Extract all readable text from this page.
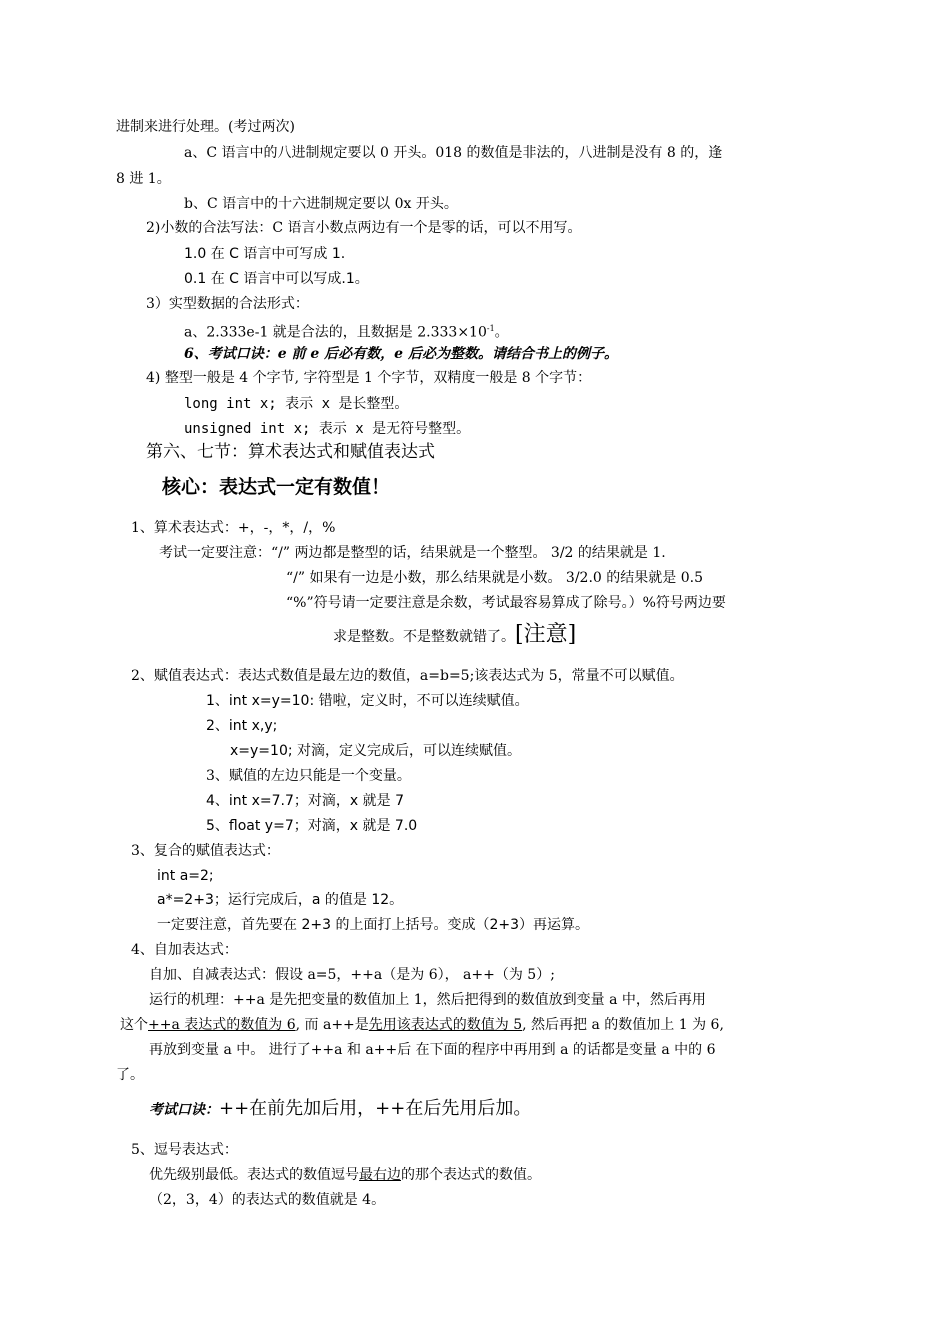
进制来进行处理。(考过两次)
a、C 语言中的八进制规定要以 0 开头。018 的数值是非法的，八进制是没有 8 的，逢
8 进 1。
b、C 语言中的十六进制规定要以 0x 开头。
2)小数的合法写法：C 语言小数点两边有一个是零的话，可以不用写。
1.0 在 C 语言中可写成 1.
0.1 在 C 语言中可以写成.1。
3）实型数据的合法形式：
a、2.333e-1 就是合法的，且数据是 $2.333\times 10^{-1}$。
6、考试口诀：e 前 e 后必有数，e 后必为整数。请结合书上的例子。
4) 整型一般是 4 个字节, 字符型是 1 个字节，双精度一般是 8 个字节：
long int x; 表示 x 是长整型。
unsigned int x; 表示 x 是无符号整型。
第六、七节：算术表达式和赋值表达式
核心：表达式一定有数值！
1、算术表达式：+，-，*，/，%
考试一定要注意：“/” 两边都是整型的话，结果就是一个整型。 3/2 的结果就是 1.
“/” 如果有一边是小数，那么结果就是小数。 3/2.0 的结果就是 0.5
“%”符号请一定要注意是余数，考试最容易算成了除号。）%符号两边要
求是整数。不是整数就错了。[注意]
2、赋值表达式：表达式数值是最左边的数值，a=b=5;该表达式为 5，常量不可以赋值。
1、int x=y=10: 错啦，定义时，不可以连续赋值。
2、int x,y;
x=y=10; 对滴，定义完成后，可以连续赋值。
3、赋值的左边只能是一个变量。
4、int x=7.7；对滴，x 就是 7
5、float y=7；对滴，x 就是 7.0
3、复合的赋值表达式：
int a=2;
a*=2+3；运行完成后，a 的值是 12。
一定要注意，首先要在 2+3 的上面打上括号。变成（2+3）再运算。
4、自加表达式：
自加、自减表达式：假设 a=5，++a（是为 6）， a++（为 5）;
运行的机理：++a 是先把变量的数值加上 1，然后把得到的数值放到变量 a 中，然后再用
这个++a 表达式的数值为 6, 而 a++是先用该表达式的数值为 5, 然后再把 a 的数值加上 1 为 6,
再放到变量 a 中。 进行了++a 和 a++后 在下面的程序中再用到 a 的话都是变量 a 中的 6
了。
考试口诀：++在前先加后用，++在后先用后加。
5、逗号表达式：
优先级别最低。表达式的数值逗号最右边的那个表达式的数值。
（2，3，4）的表达式的数值就是 4。
